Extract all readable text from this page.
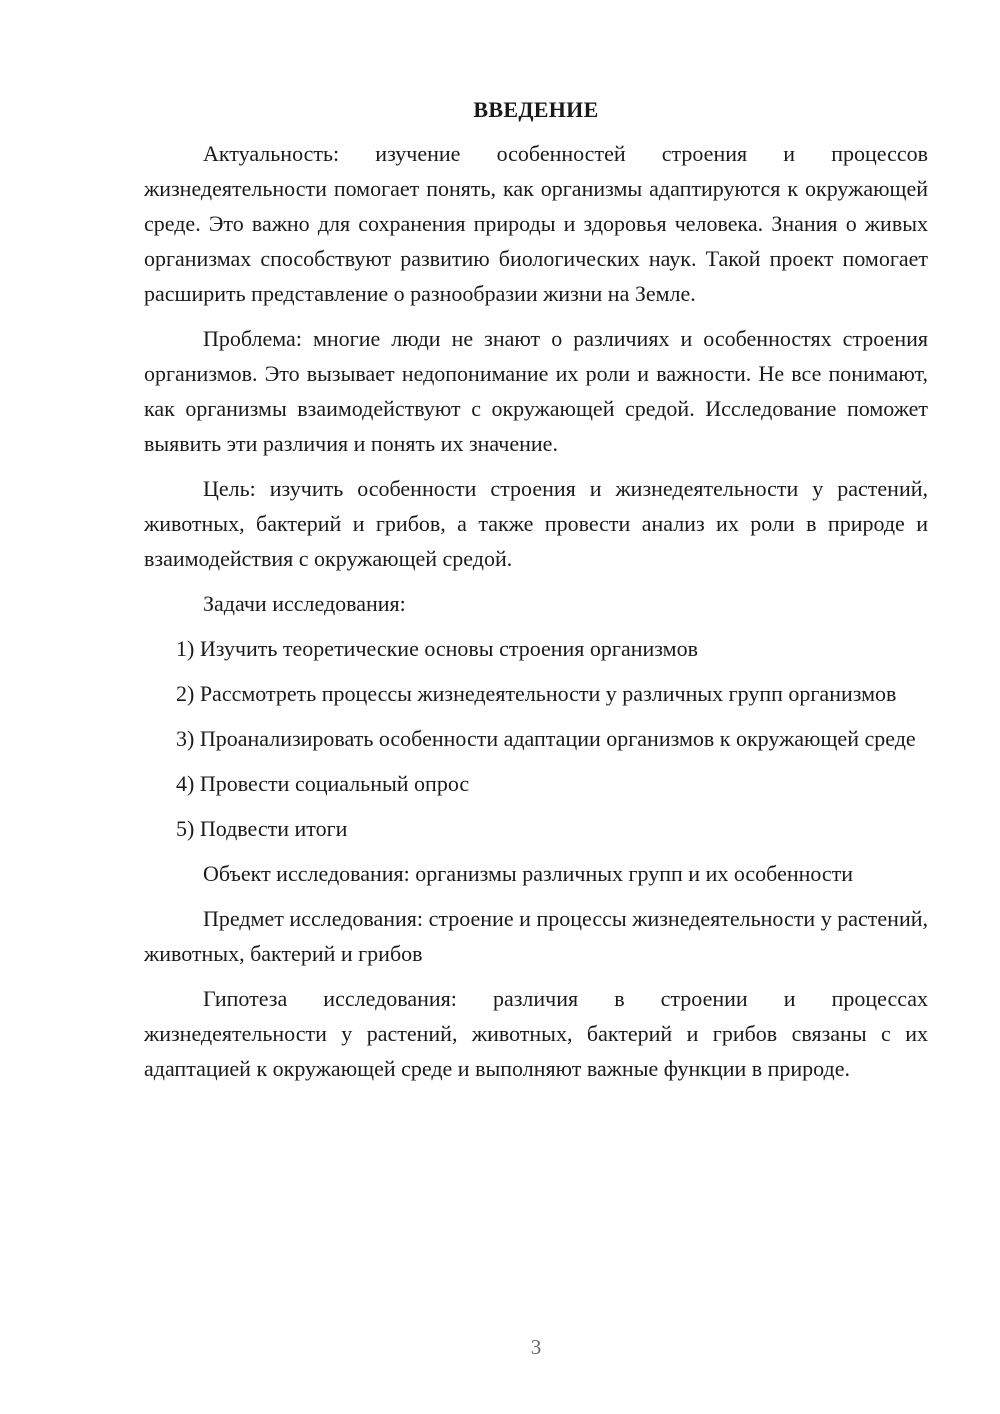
ВВЕДЕНИЕ

Актуальность: изучение особенностей строения и процессов жизнедеятельности помогает понять, как организмы адаптируются к окружающей среде. Это важно для сохранения природы и здоровья человека. Знания о живых организмах способствуют развитию биологических наук. Такой проект помогает расширить представление о разнообразии жизни на Земле.

Проблема: многие люди не знают о различиях и особенностях строения организмов. Это вызывает недопонимание их роли и важности. Не все понимают, как организмы взаимодействуют с окружающей средой. Исследование поможет выявить эти различия и понять их значение.

Цель: изучить особенности строения и жизнедеятельности у растений, животных, бактерий и грибов, а также провести анализ их роли в природе и взаимодействия с окружающей средой.

Задачи исследования:

1) Изучить теоретические основы строения организмов

2) Рассмотреть процессы жизнедеятельности у различных групп организмов

3) Проанализировать особенности адаптации организмов к окружающей среде

4) Провести социальный опрос

5) Подвести итоги

Объект исследования: организмы различных групп и их особенности

Предмет исследования: строение и процессы жизнедеятельности у растений, животных, бактерий и грибов

Гипотеза исследования: различия в строении и процессах жизнедеятельности у растений, животных, бактерий и грибов связаны с их адаптацией к окружающей среде и выполняют важные функции в природе.

3
